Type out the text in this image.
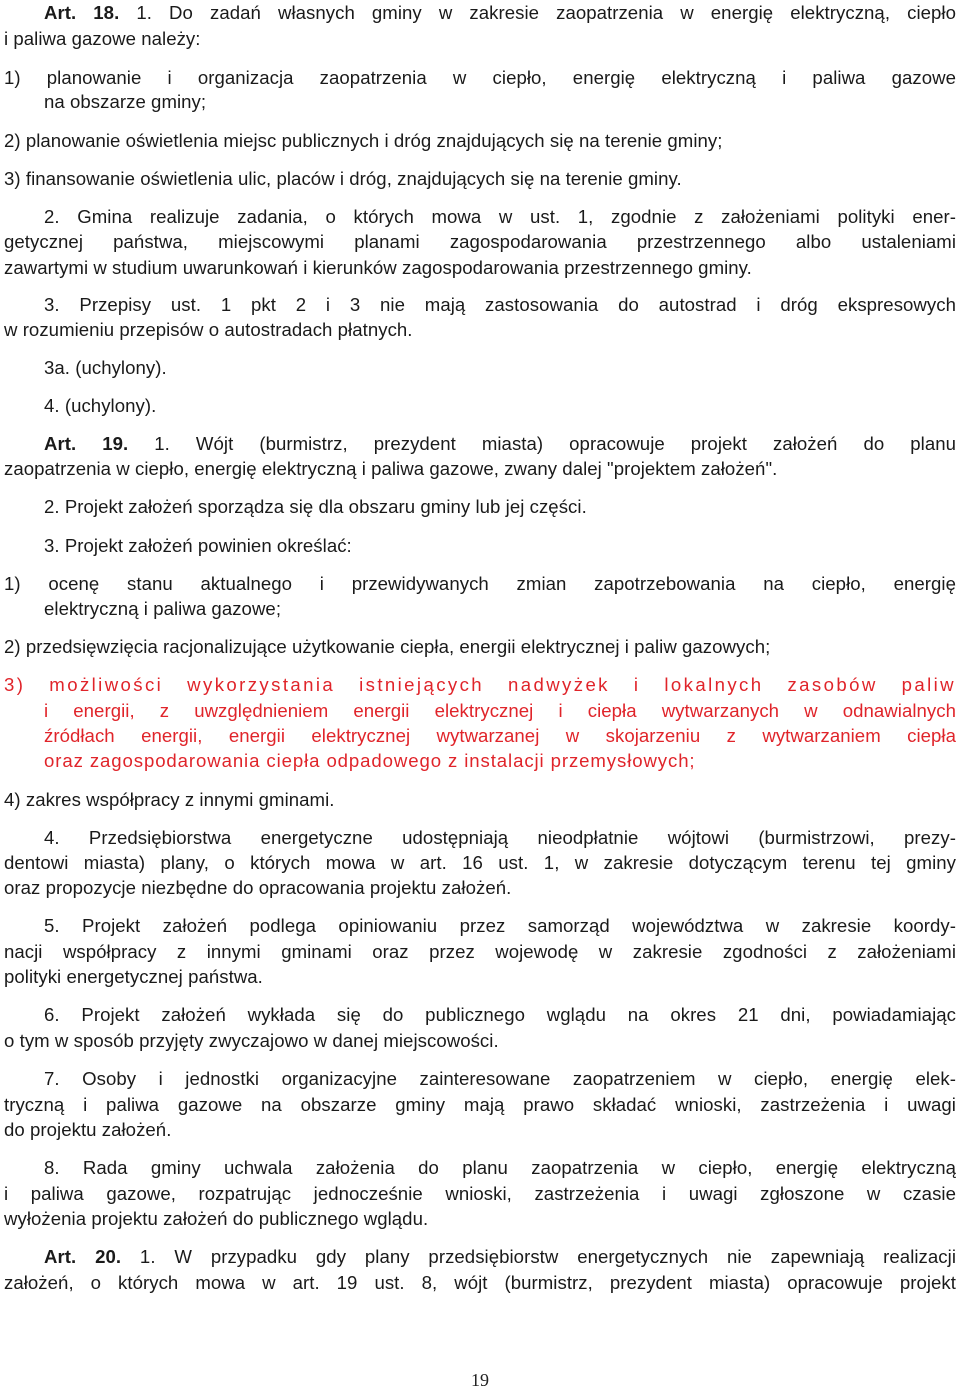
Art. 18. 1. Do zadań własnych gminy w zakresie zaopatrzenia w energię elektryczną, ciepło
i paliwa gazowe należy:
1) planowanie i organizacja zaopatrzenia w ciepło, energię elektryczną i paliwa gazowe
na obszarze gminy;
2) planowanie oświetlenia miejsc publicznych i dróg znajdujących się na terenie gminy;
3) finansowanie oświetlenia ulic, placów i dróg, znajdujących się na terenie gminy.
2. Gmina realizuje zadania, o których mowa w ust. 1, zgodnie z założeniami polityki ener-
getycznej państwa, miejscowymi planami zagospodarowania przestrzennego albo ustaleniami
zawartymi w studium uwarunkowań i kierunków zagospodarowania przestrzennego gminy.
3. Przepisy ust. 1 pkt 2 i 3 nie mają zastosowania do autostrad i dróg ekspresowych
w rozumieniu przepisów o autostradach płatnych.
3a. (uchylony).
4. (uchylony).
Art. 19. 1. Wójt (burmistrz, prezydent miasta) opracowuje projekt założeń do planu
zaopatrzenia w ciepło, energię elektryczną i paliwa gazowe, zwany dalej "projektem założeń".
2. Projekt założeń sporządza się dla obszaru gminy lub jej części.
3. Projekt założeń powinien określać:
1) ocenę stanu aktualnego i przewidywanych zmian zapotrzebowania na ciepło, energię
elektryczną i paliwa gazowe;
2) przedsięwzięcia racjonalizujące użytkowanie ciepła, energii elektrycznej i paliw gazowych;
3) możliwości wykorzystania istniejących nadwyżek i lokalnych zasobów paliw
i energii, z uwzględnieniem energii elektrycznej i ciepła wytwarzanych w odnawialnych
źródłach energii, energii elektrycznej wytwarzanej w skojarzeniu z wytwarzaniem ciepła
oraz zagospodarowania ciepła odpadowego z instalacji przemysłowych;
4) zakres współpracy z innymi gminami.
4. Przedsiębiorstwa energetyczne udostępniają nieodpłatnie wójtowi (burmistrzowi, prezy-
dentowi miasta) plany, o których mowa w art. 16 ust. 1, w zakresie dotyczącym terenu tej gminy
oraz propozycje niezbędne do opracowania projektu założeń.
5. Projekt założeń podlega opiniowaniu przez samorząd województwa w zakresie koordy-
nacji współpracy z innymi gminami oraz przez wojewodę w zakresie zgodności z założeniami
polityki energetycznej państwa.
6. Projekt założeń wykłada się do publicznego wglądu na okres 21 dni, powiadamiając
o tym w sposób przyjęty zwyczajowo w danej miejscowości.
7. Osoby i jednostki organizacyjne zainteresowane zaopatrzeniem w ciepło, energię elek-
tryczną i paliwa gazowe na obszarze gminy mają prawo składać wnioski, zastrzeżenia i uwagi
do projektu założeń.
8. Rada gminy uchwala założenia do planu zaopatrzenia w ciepło, energię elektryczną
i paliwa gazowe, rozpatrując jednocześnie wnioski, zastrzeżenia i uwagi zgłoszone w czasie
wyłożenia projektu założeń do publicznego wglądu.
Art. 20. 1. W przypadku gdy plany przedsiębiorstw energetycznych nie zapewniają realizacji
założeń, o których mowa w art. 19 ust. 8, wójt (burmistrz, prezydent miasta) opracowuje projekt
19
